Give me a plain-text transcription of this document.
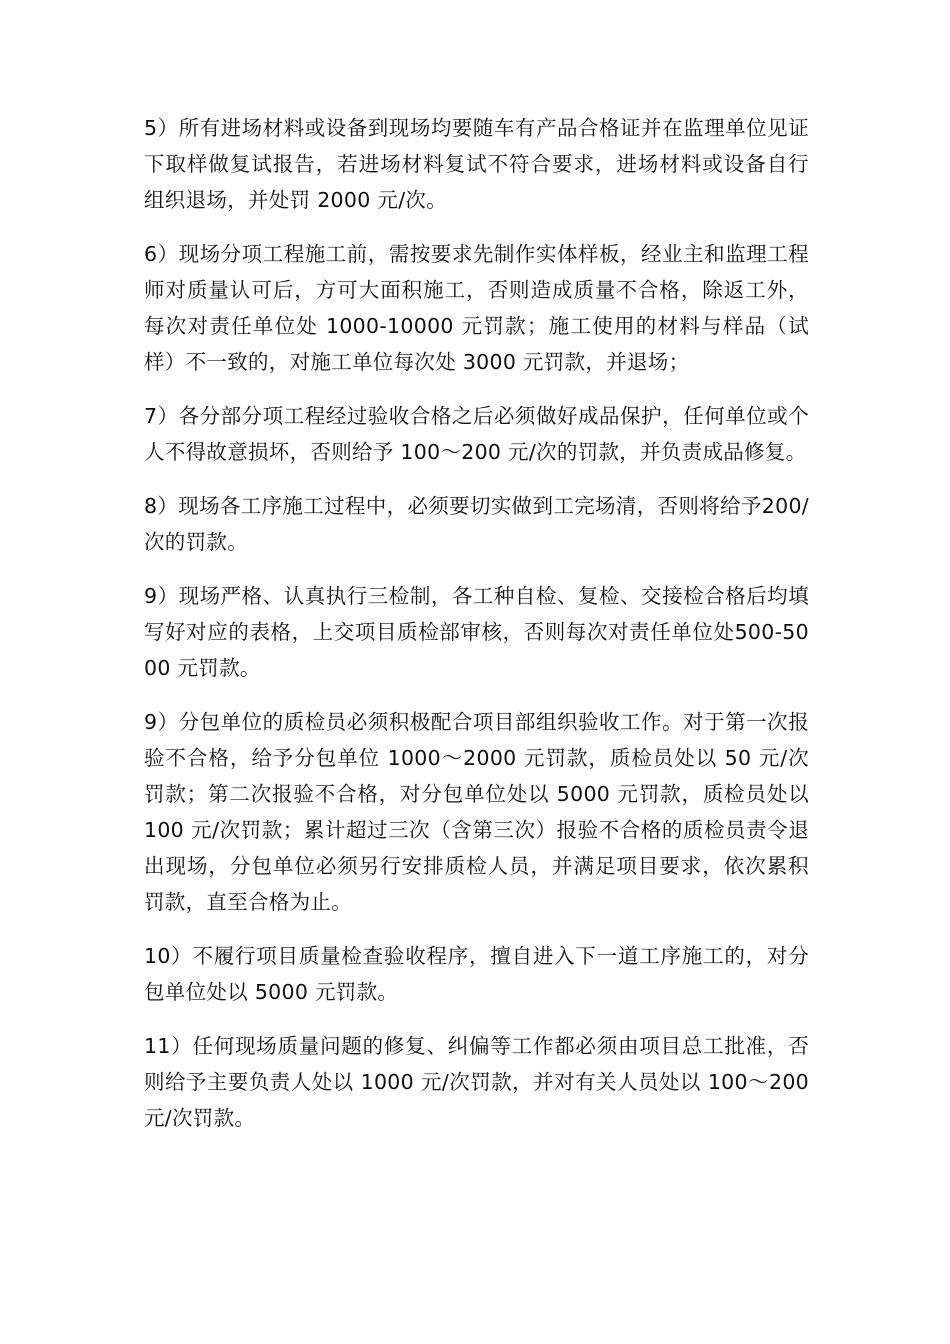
5）所有进场材料或设备到现场均要随车有产品合格证并在监理单位见证下取样做复试报告，若进场材料复试不符合要求，进场材料或设备自行组织退场，并处罚 2000 元/次。

6）现场分项工程施工前，需按要求先制作实体样板，经业主和监理工程师对质量认可后，方可大面积施工，否则造成质量不合格，除返工外，每次对责任单位处 1000-10000 元罚款；施工使用的材料与样品（试样）不一致的，对施工单位每次处 3000 元罚款，并退场；

7）各分部分项工程经过验收合格之后必须做好成品保护，任何单位或个人不得故意损坏，否则给予 100～200 元/次的罚款，并负责成品修复。

8）现场各工序施工过程中，必须要切实做到工完场清，否则将给予200/次的罚款。

9）现场严格、认真执行三检制，各工种自检、复检、交接检合格后均填写好对应的表格，上交项目质检部审核，否则每次对责任单位处500-5000 元罚款。

9）分包单位的质检员必须积极配合项目部组织验收工作。对于第一次报验不合格，给予分包单位 1000～2000 元罚款，质检员处以 50 元/次罚款；第二次报验不合格，对分包单位处以 5000 元罚款，质检员处以 100 元/次罚款；累计超过三次（含第三次）报验不合格的质检员责令退出现场，分包单位必须另行安排质检人员，并满足项目要求，依次累积罚款，直至合格为止。

10）不履行项目质量检查验收程序，擅自进入下一道工序施工的，对分包单位处以 5000 元罚款。

11）任何现场质量问题的修复、纠偏等工作都必须由项目总工批准，否则给予主要负责人处以 1000 元/次罚款，并对有关人员处以 100～200 元/次罚款。
